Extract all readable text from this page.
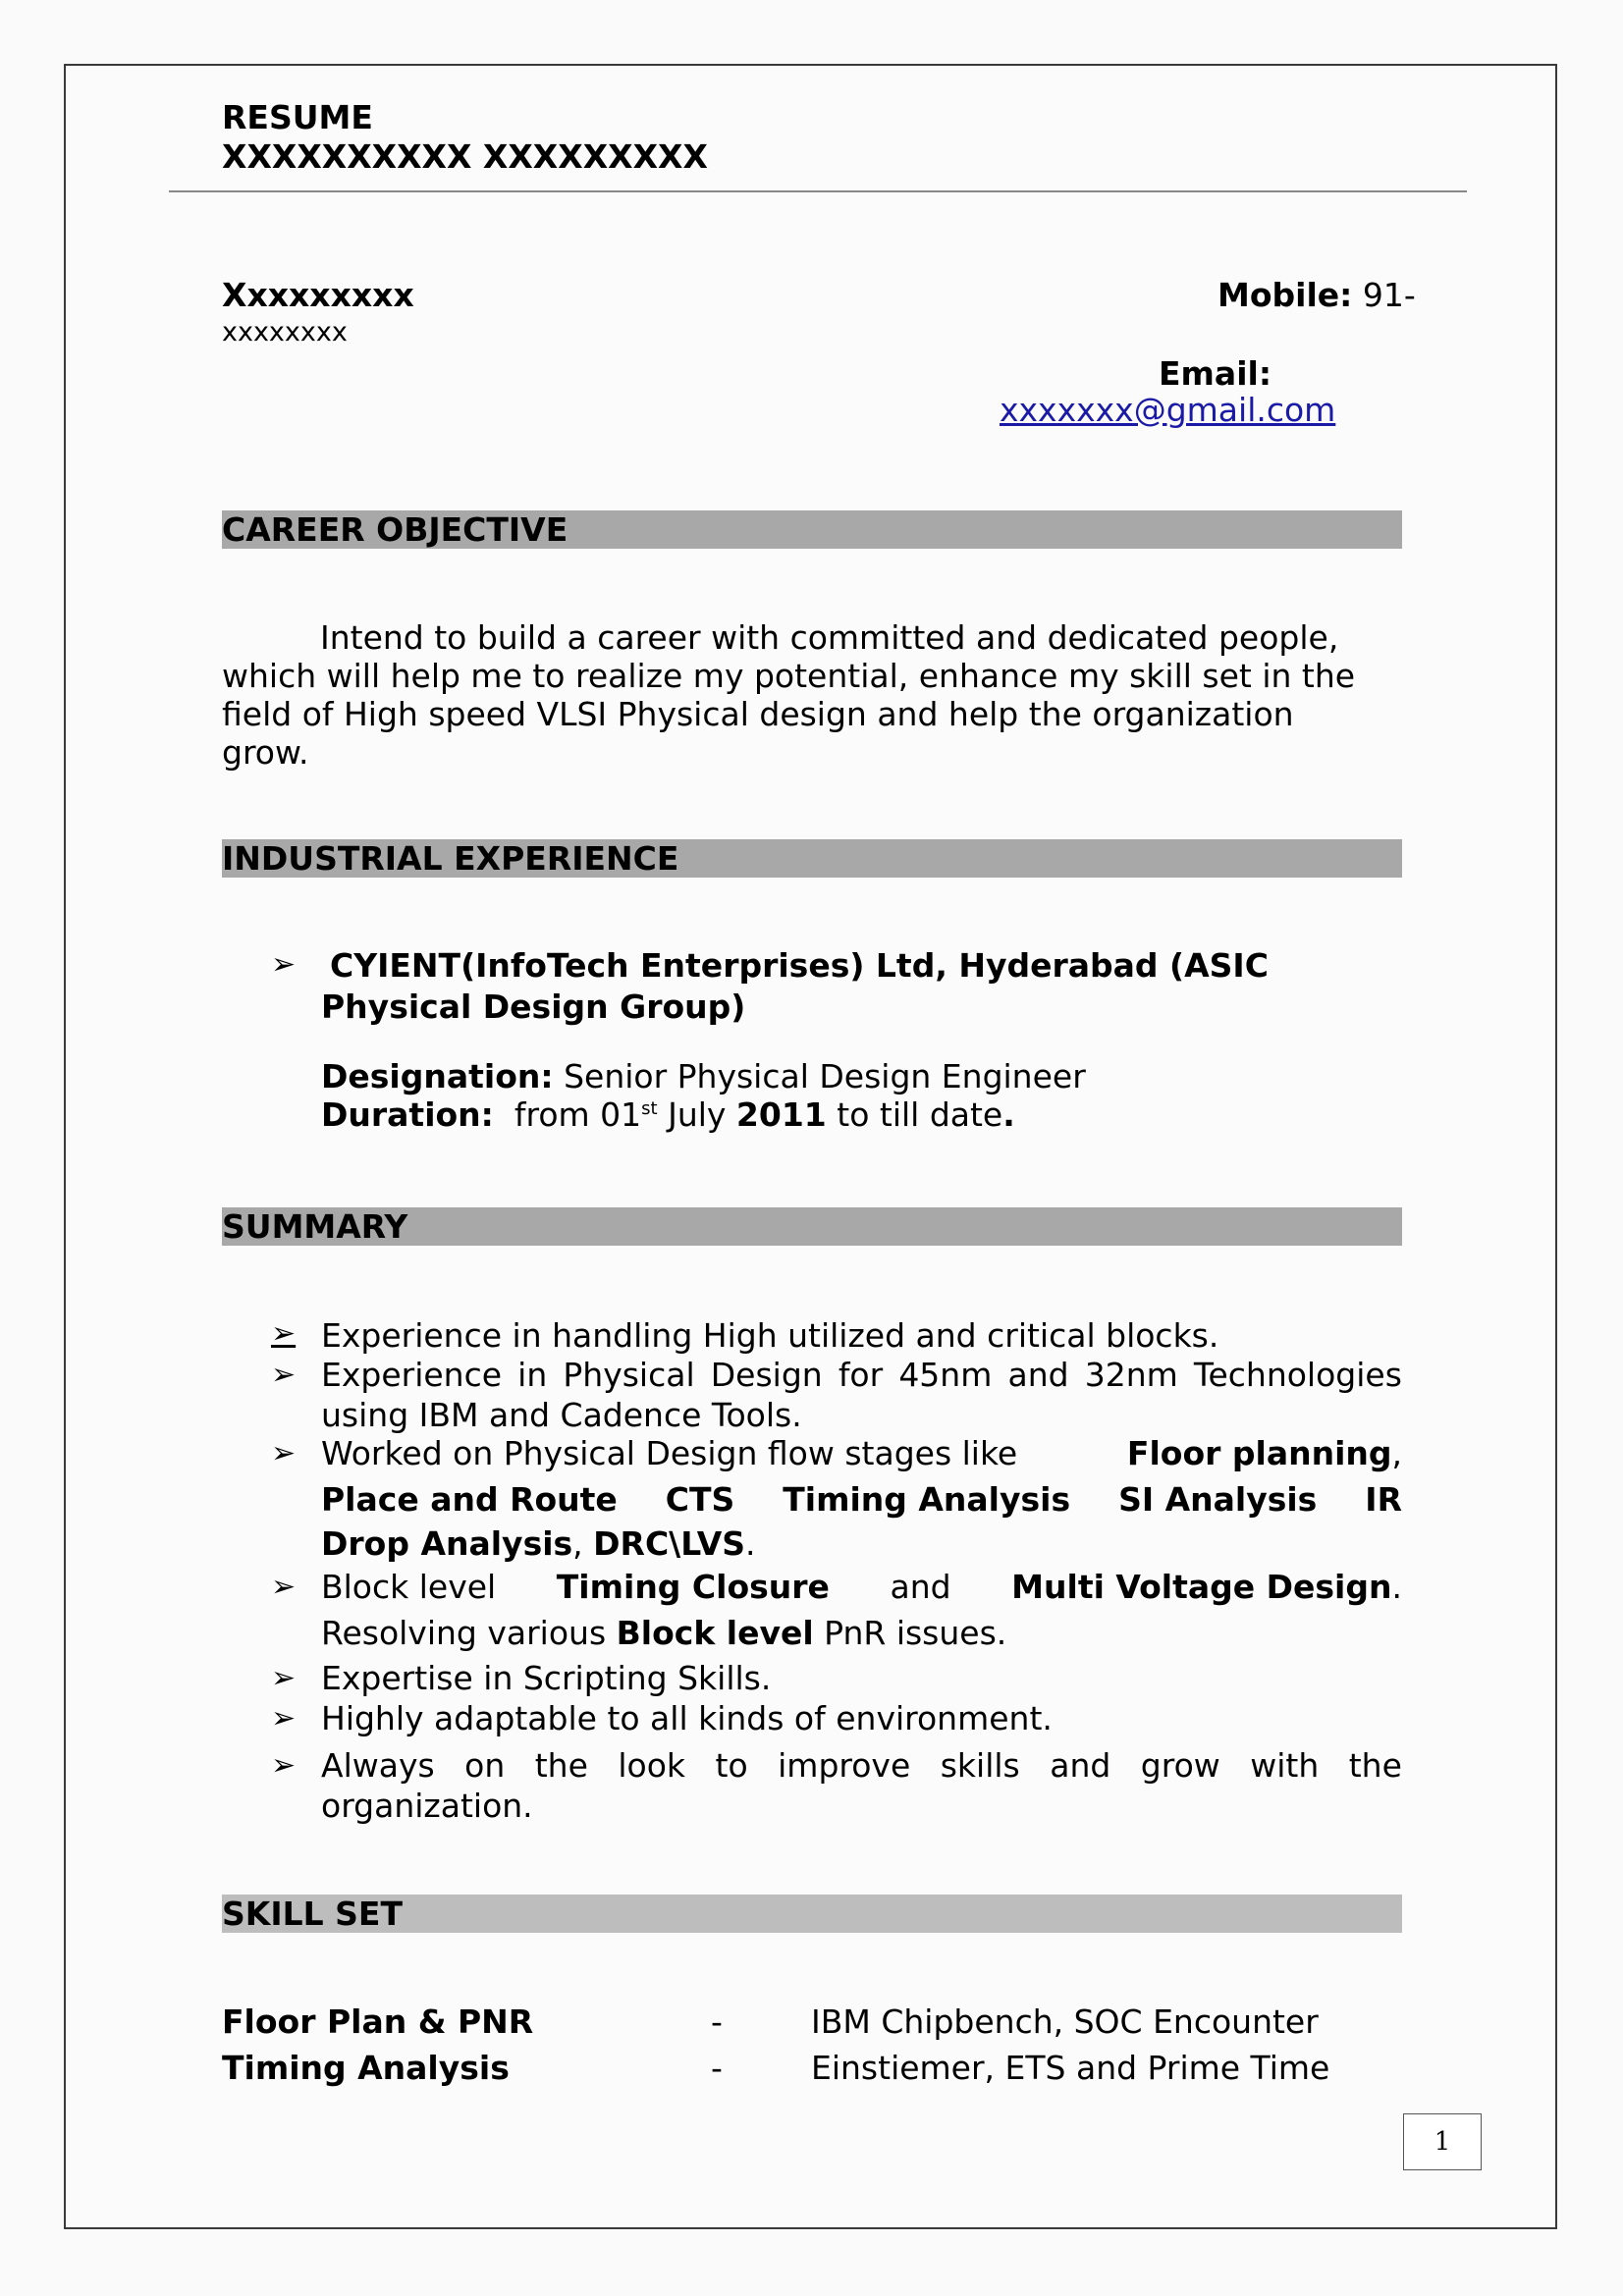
RESUME
XXXXXXXXXX XXXXXXXXX
Xxxxxxxxx
xxxxxxxx
Mobile: 91-
Email:
xxxxxxx@gmail.com
CAREER OBJECTIVE
Intend to build a career with committed and dedicated people,
which will help me to realize my potential, enhance my skill set in the
field of High speed VLSI Physical design and help the organization
grow.
INDUSTRIAL EXPERIENCE
➢ CYIENT(InfoTech Enterprises) Ltd, Hyderabad (ASIC
Physical Design Group)
Designation: Senior Physical Design Engineer
Duration: from 01st July 2011 to till date.
SUMMARY
➢ Experience in handling High utilized and critical blocks.
➢ Experience in Physical Design for 45nm and 32nm Technologies
using IBM and Cadence Tools.
➢ Worked on Physical Design flow stages like	Floor planning,
Place and Route CTS Timing Analysis SI Analysis IR
Drop Analysis, DRC\LVS.
➢ Block level Timing Closure and Multi Voltage Design.
Resolving various Block level PnR issues.
➢ Expertise in Scripting Skills.
➢ Highly adaptable to all kinds of environment.
➢ Always on the look to improve skills and grow with the
organization.
SKILL SET
Floor Plan & PNR	-	IBM Chipbench, SOC Encounter
Timing Analysis	-	Einstiemer, ETS and Prime Time
1
